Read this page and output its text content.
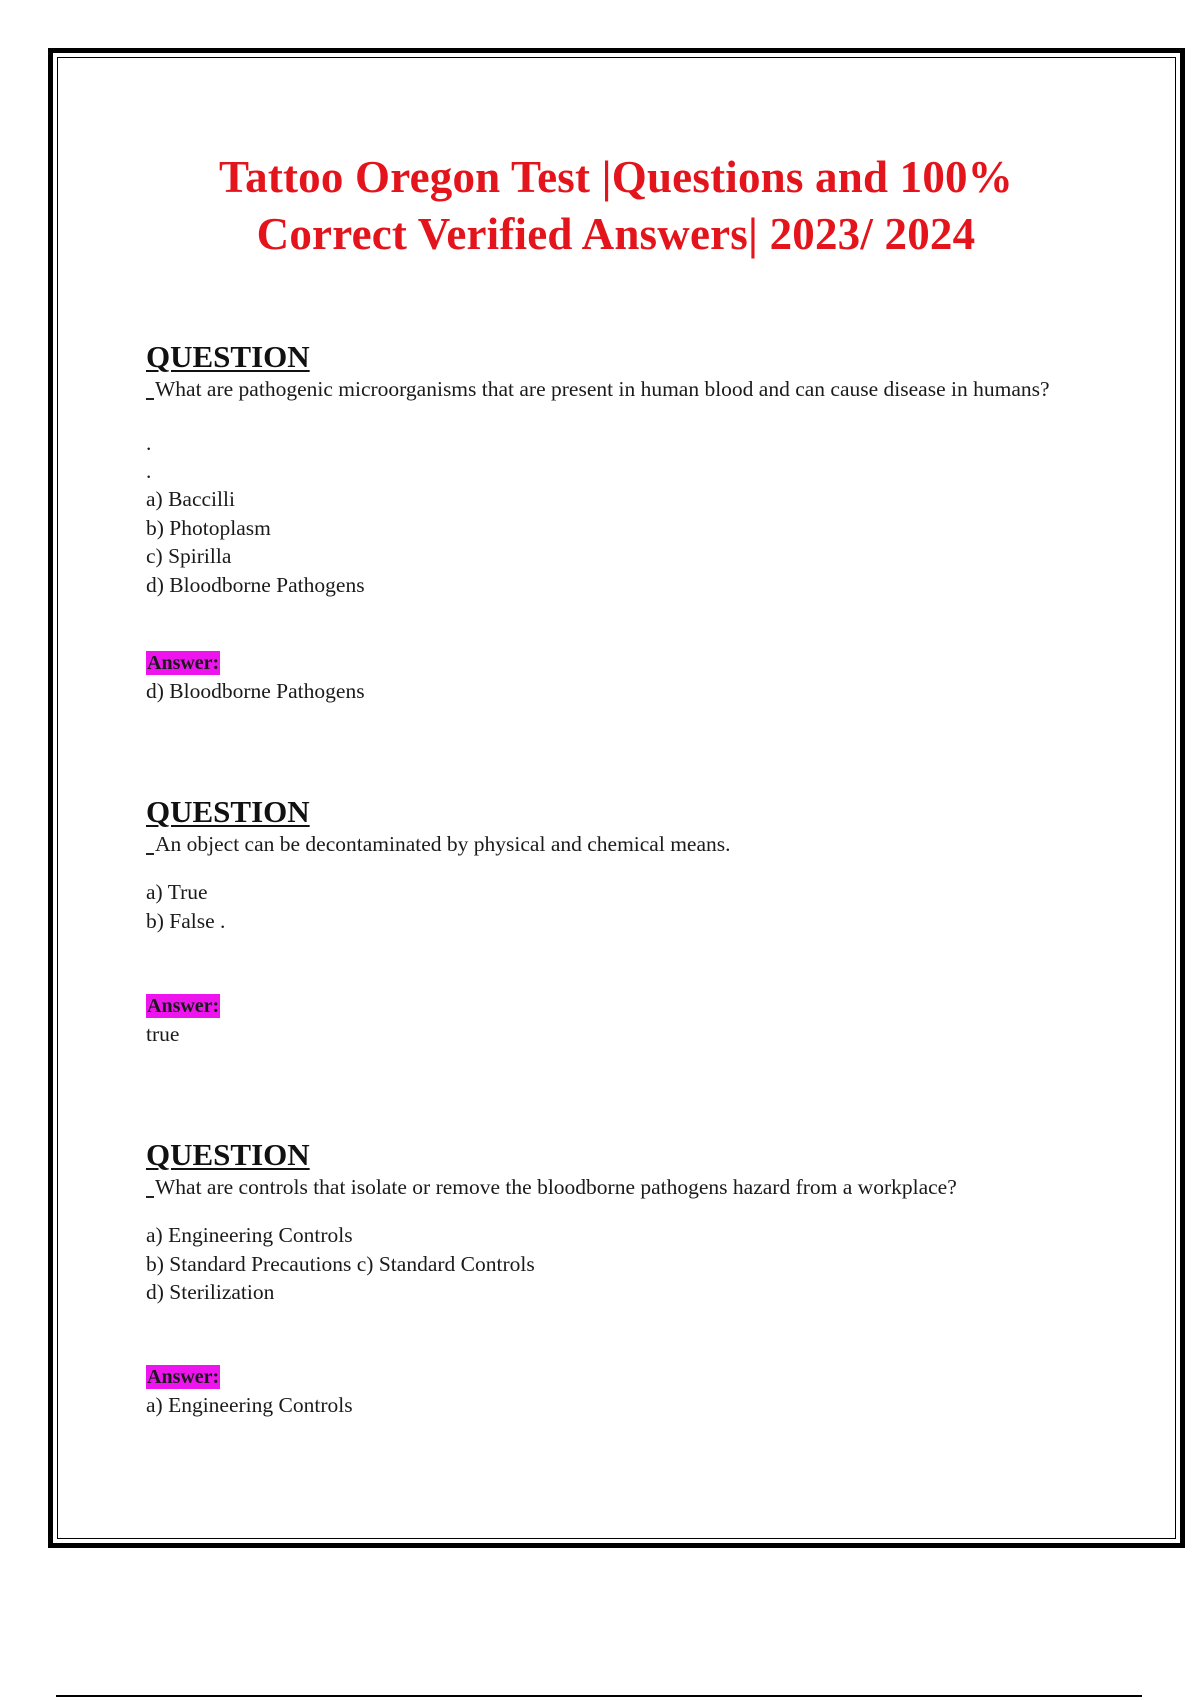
Tattoo Oregon Test |Questions and 100%
Correct Verified Answers| 2023/ 2024
QUESTION

What are pathogenic microorganisms that are present in human blood and can cause disease in humans?

.

.

a) Baccilli
b) Photoplasm
c) Spirilla
d) Bloodborne Pathogens
Answer:

d) Bloodborne Pathogens

QUESTION

An object can be decontaminated by physical and chemical means.

a) True
b) False .
Answer:

true

QUESTION

What are controls that isolate or remove the bloodborne pathogens hazard from a workplace?

a) Engineering Controls
b) Standard Precautions c) Standard Controls
d) Sterilization
Answer:

a) Engineering Controls
